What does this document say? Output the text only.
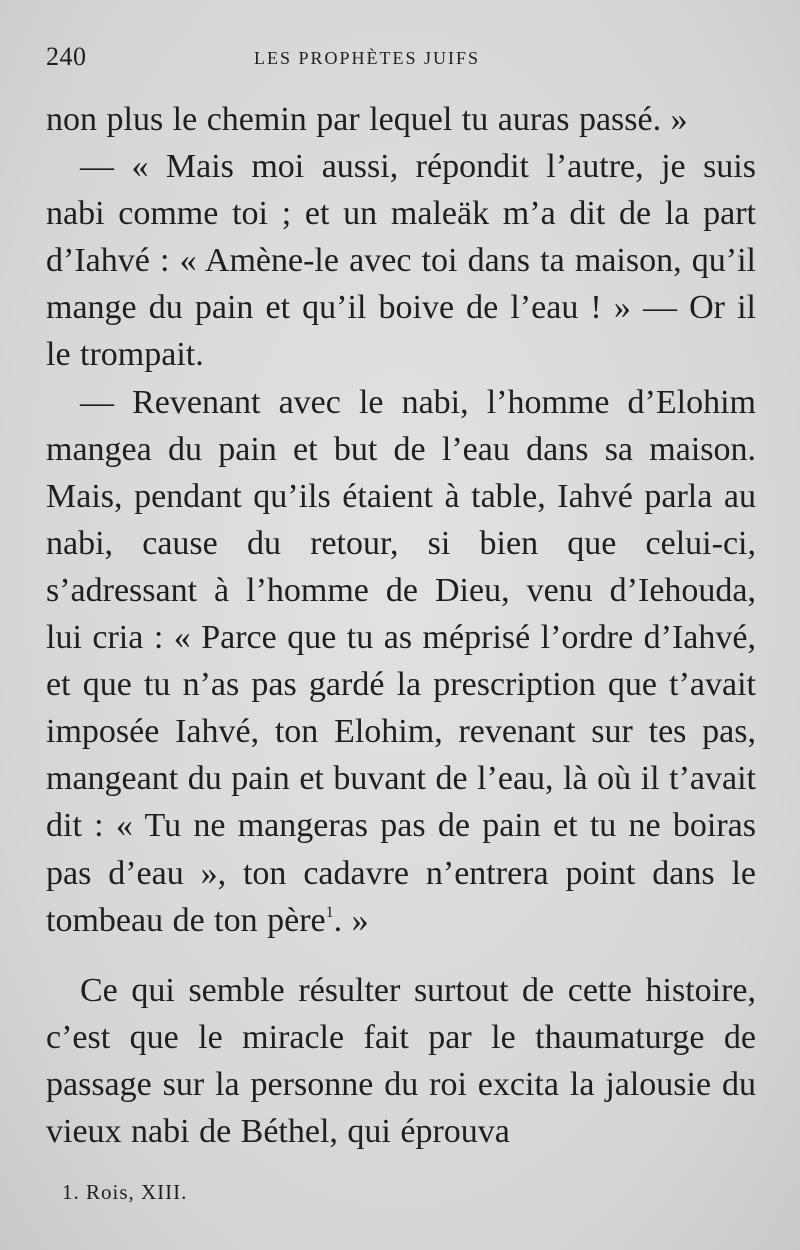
240	LES PROPHÈTES JUIFS

non plus le chemin par lequel tu auras passé. »

— « Mais moi aussi, répondit l’autre, je suis nabi comme toi ; et un maleäk m’a dit de la part d’Iahvé : « Amène-le avec toi dans ta maison, qu’il mange du pain et qu’il boive de l’eau ! » — Or il le trompait.

— Revenant avec le nabi, l’homme d’Elohim mangea du pain et but de l’eau dans sa maison. Mais, pendant qu’ils étaient à table, Iahvé parla au nabi, cause du retour, si bien que celui-ci, s’adressant à l’homme de Dieu, venu d’Iehouda, lui cria : « Parce que tu as méprisé l’ordre d’Iahvé, et que tu n’as pas gardé la prescription que t’avait imposée Iahvé, ton Elohim, revenant sur tes pas, mangeant du pain et buvant de l’eau, là où il t’avait dit : « Tu ne mangeras pas de pain et tu ne boiras pas d’eau », ton cadavre n’entrera point dans le tombeau de ton père$^1$. »

Ce qui semble résulter surtout de cette histoire, c’est que le miracle fait par le thaumaturge de passage sur la personne du roi excita la jalousie du vieux nabi de Béthel, qui éprouva

1. Rois, XIII.
